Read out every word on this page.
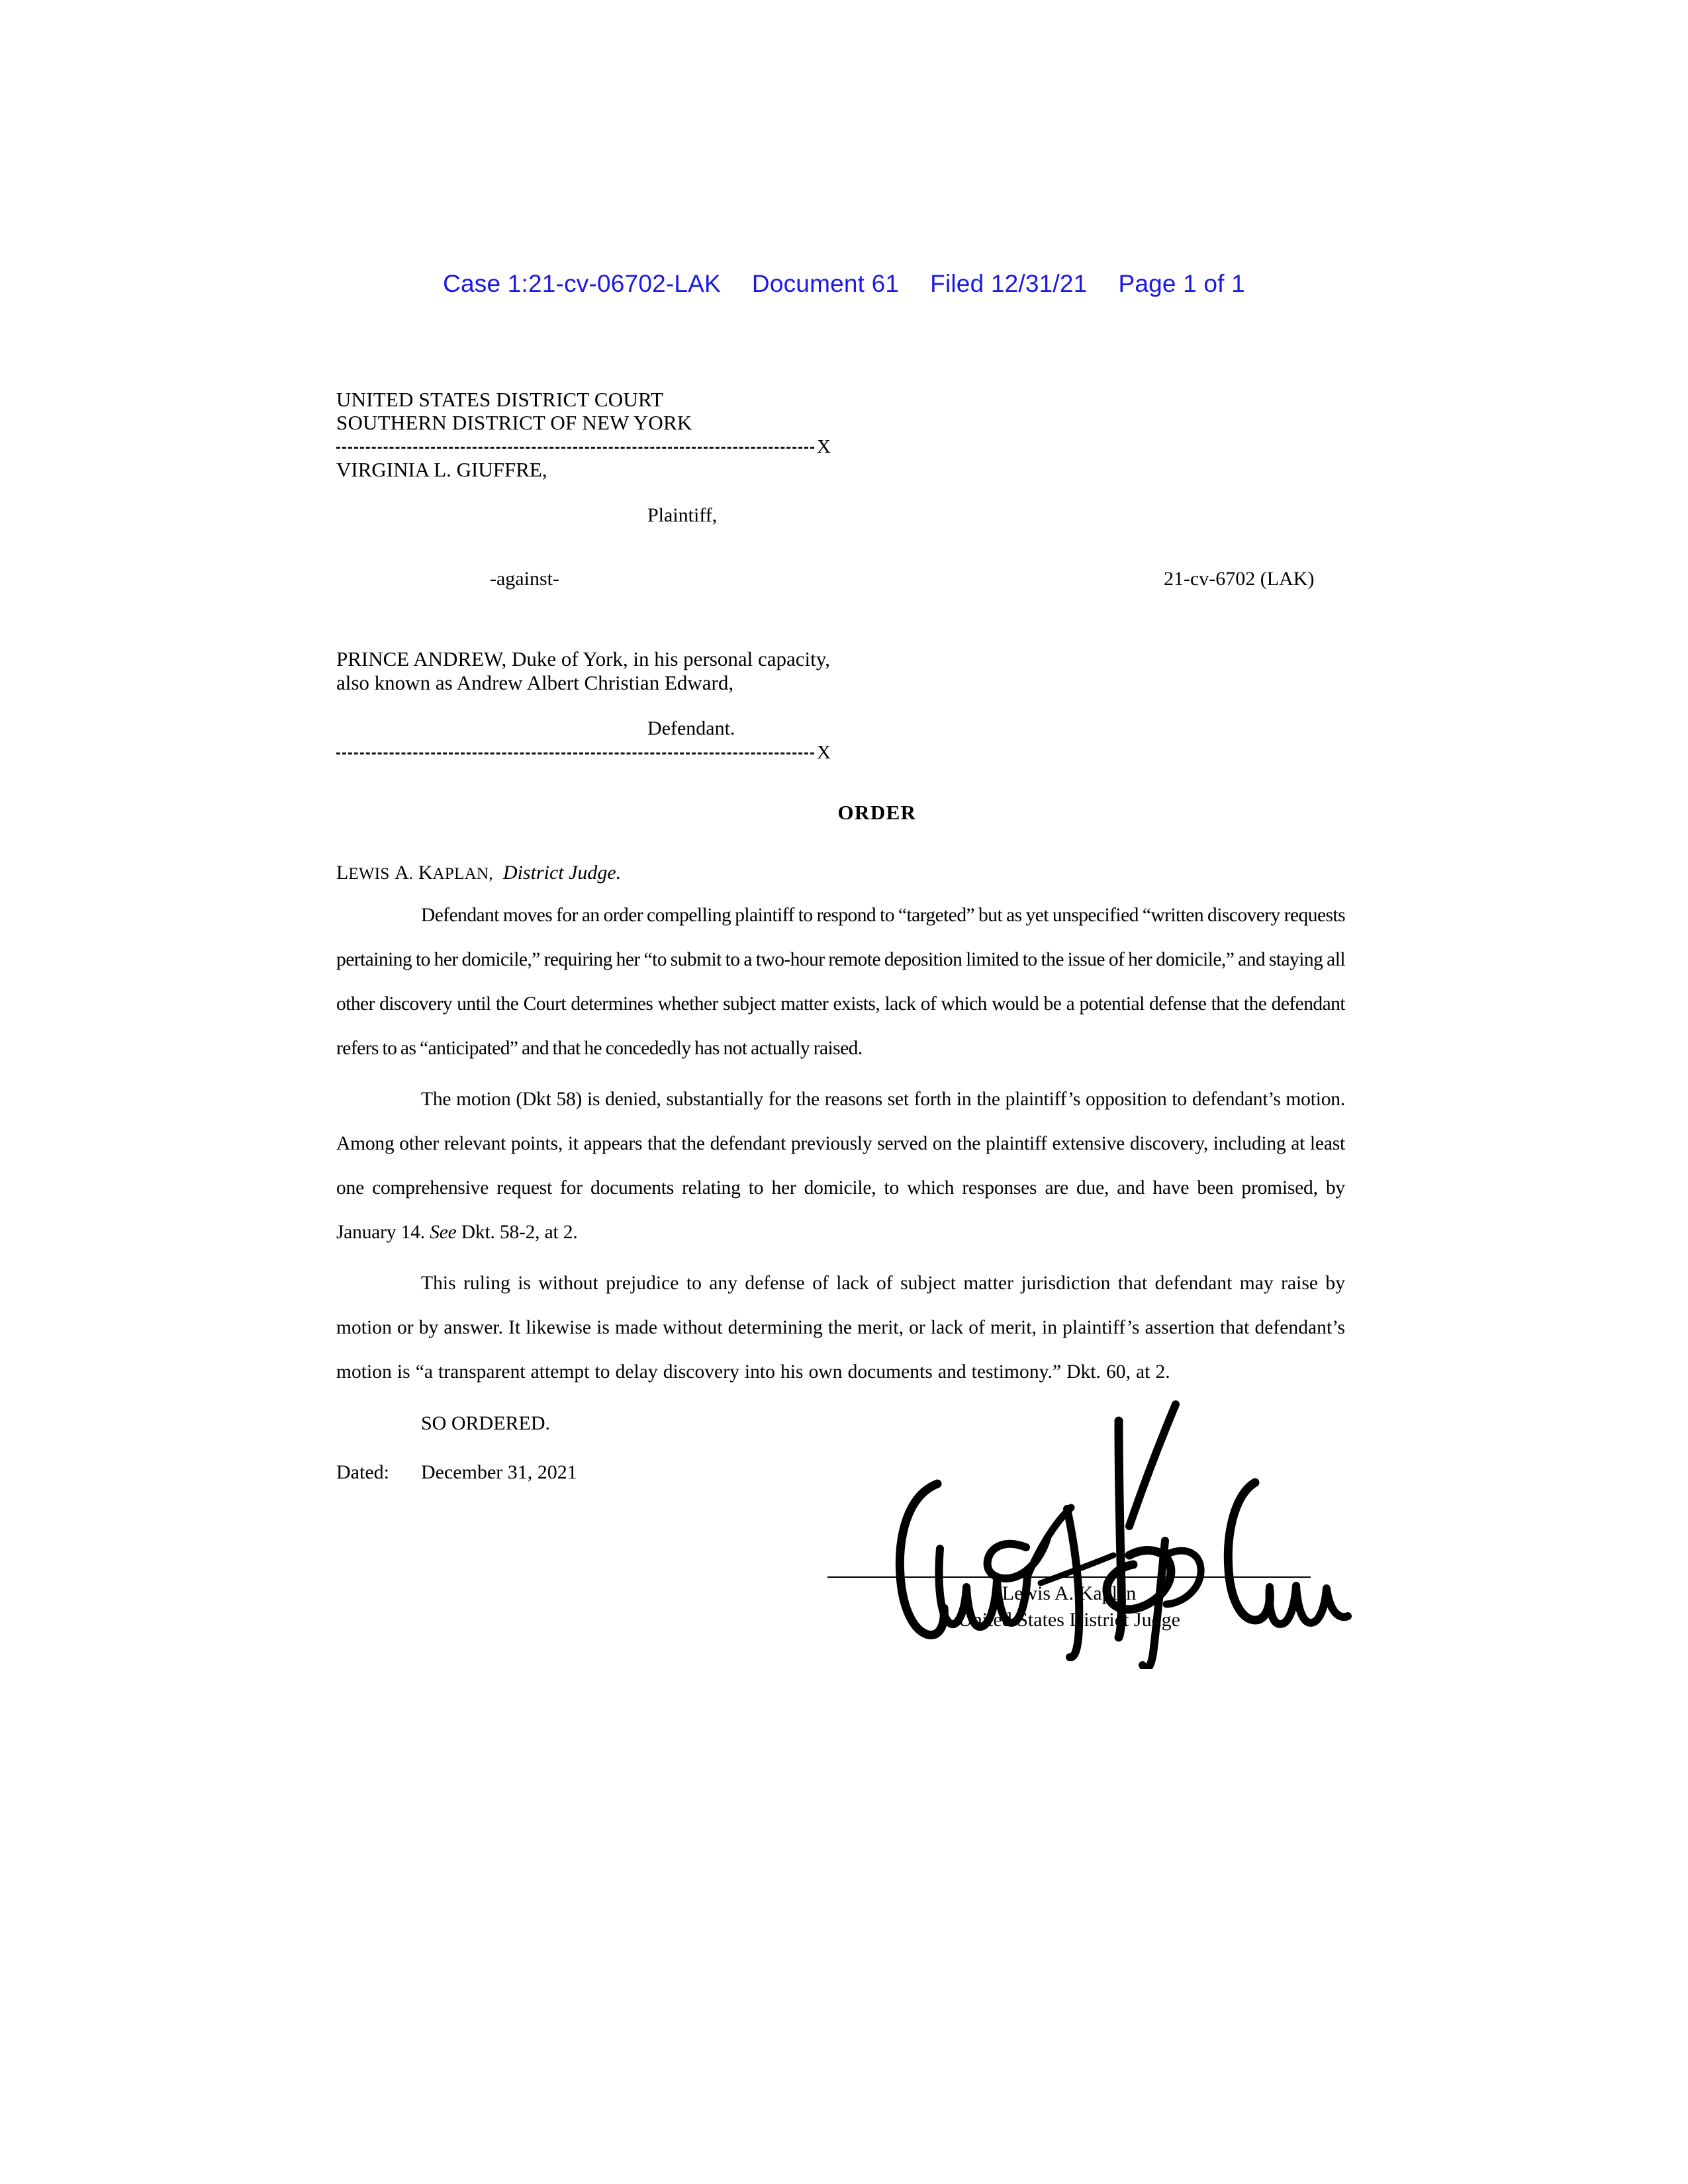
Case 1:21-cv-06702-LAK Document 61 Filed 12/31/21 Page 1 of 1
UNITED STATES DISTRICT COURT
SOUTHERN DISTRICT OF NEW YORK
X
VIRGINIA L. GIUFFRE,
Plaintiff,
-against-	21-cv-6702 (LAK)
PRINCE ANDREW, Duke of York, in his personal capacity,
also known as Andrew Albert Christian Edward,
Defendant.
X
ORDER
LEWIS A. KAPLAN, District Judge.

Defendant moves for an order compelling plaintiff to respond to “targeted” but as yet unspecified “written discovery requests pertaining to her domicile,” requiring her “to submit to a two-hour remote deposition limited to the issue of her domicile,” and staying all other discovery until the Court determines whether subject matter exists, lack of which would be a potential defense that the defendant refers to as “anticipated” and that he concededly has not actually raised.

The motion (Dkt 58) is denied, substantially for the reasons set forth in the plaintiff’s opposition to defendant’s motion. Among other relevant points, it appears that the defendant previously served on the plaintiff extensive discovery, including at least one comprehensive request for documents relating to her domicile, to which responses are due, and have been promised, by January 14. See Dkt. 58-2, at 2.

This ruling is without prejudice to any defense of lack of subject matter jurisdiction that defendant may raise by motion or by answer. It likewise is made without determining the merit, or lack of merit, in plaintiff’s assertion that defendant’s motion is “a transparent attempt to delay discovery into his own documents and testimony.” Dkt. 60, at 2.

SO ORDERED.
Dated: December 31, 2021
Lewis A. Kaplan
United States District Judge
